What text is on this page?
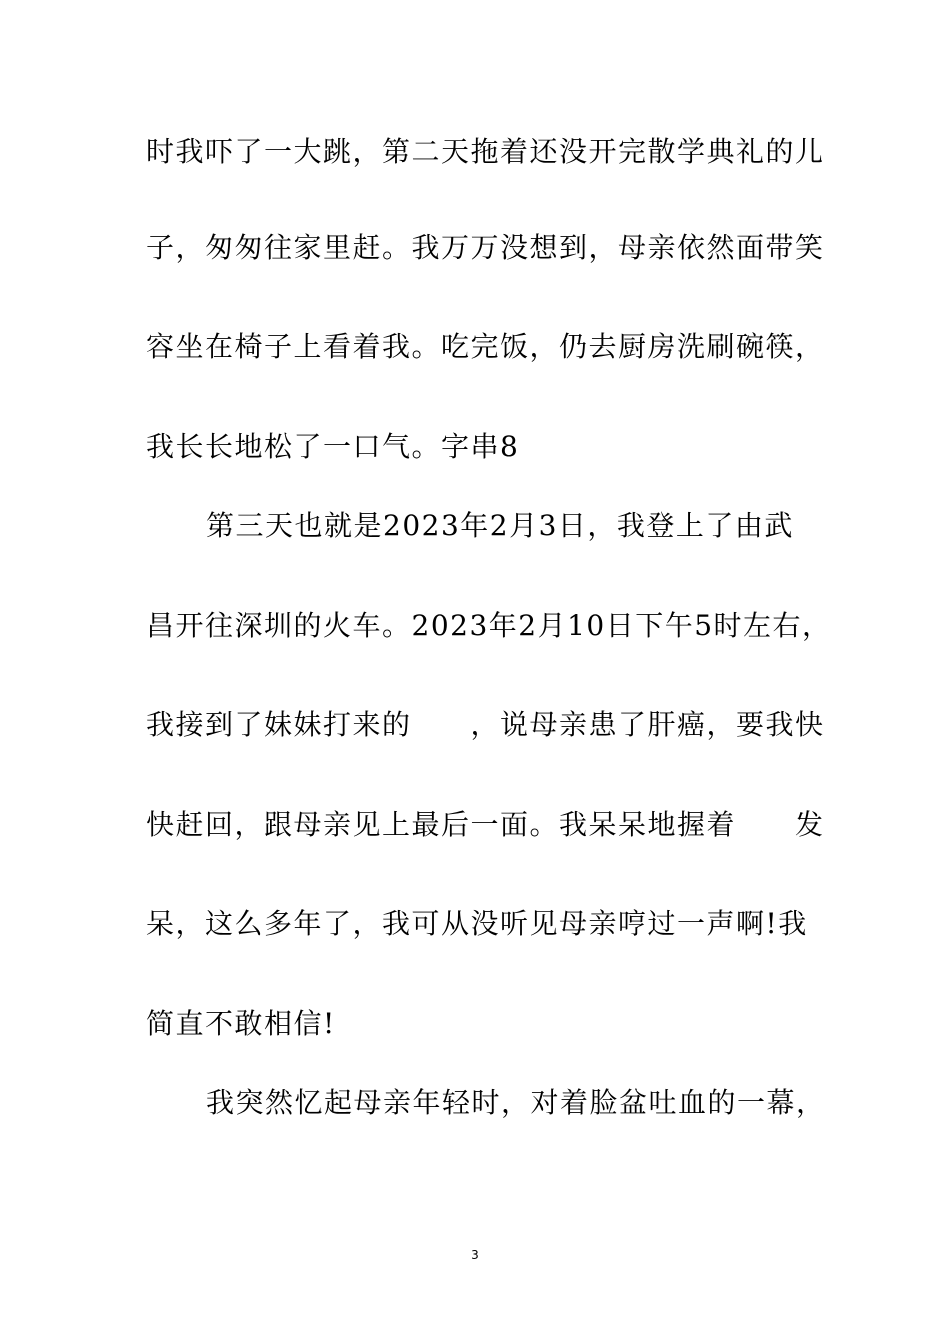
时我吓了一大跳，第二天拖着还没开完散学典礼的儿
子，匆匆往家里赶。我万万没想到，母亲依然面带笑
容坐在椅子上看着我。吃完饭，仍去厨房洗刷碗筷，
我长长地松了一口气。字串8
第三天也就是2023年2月3日，我登上了由武
昌开往深圳的火车。2023年2月10日下午5时左右，
我接到了妹妹打来的　　，说母亲患了肝癌，要我快
快赶回，跟母亲见上最后一面。我呆呆地握着　　发
呆，这么多年了，我可从没听见母亲哼过一声啊!我
简直不敢相信!
我突然忆起母亲年轻时，对着脸盆吐血的一幕，
3
